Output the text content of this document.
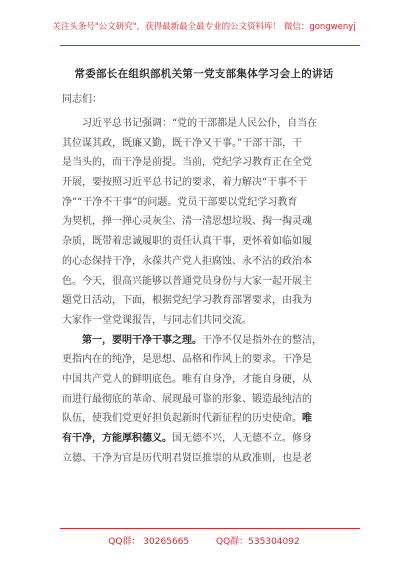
关注头条号"公文研究"，获得最新最全最专业的公文资料库！ 微信：gongwenyj
常委部长在组织部机关第一党支部集体学习会上的讲话
同志们：

习近平总书记强调：“党的干部都是人民公仆，自当在
其位谋其政，既廉又勤，既干净又干事。”干部干部，干
是当头的，而干净是前提。当前，党纪学习教育正在全党
开展，要按照习近平总书记的要求，着力解决“干事不干
净”“干净不干事”的问题。党员干部要以党纪学习教育
为契机，掸一掸心灵灰尘、清一清思想垃圾、掏一掏灵魂
杂质，既带着忠诚履职的责任认真干事，更怀着如临如履
的心态保持干净，永葆共产党人拒腐蚀、永不沾的政治本
色。今天，很高兴能够以普通党员身份与大家一起开展主
题党日活动，下面，根据党纪学习教育部署要求，由我为
大家作一堂党课报告，与同志们共同交流。

第一，要明干净干事之理。干净不仅是指外在的整洁，
更指内在的纯净，是思想、品格和作风上的要求。干净是
中国共产党人的鲜明底色。唯有自身净，才能自身硬，从
而进行最彻底的革命、展现最可靠的形象、锻造最纯洁的
队伍，使我们党更好担负起新时代新征程的历史使命。唯
有干净，方能厚积德义。国无德不兴，人无德不立。修身
立德、干净为官是历代明君贤臣推崇的从政准则，也是老

QQ群： 30265665	QQ群：535304092
